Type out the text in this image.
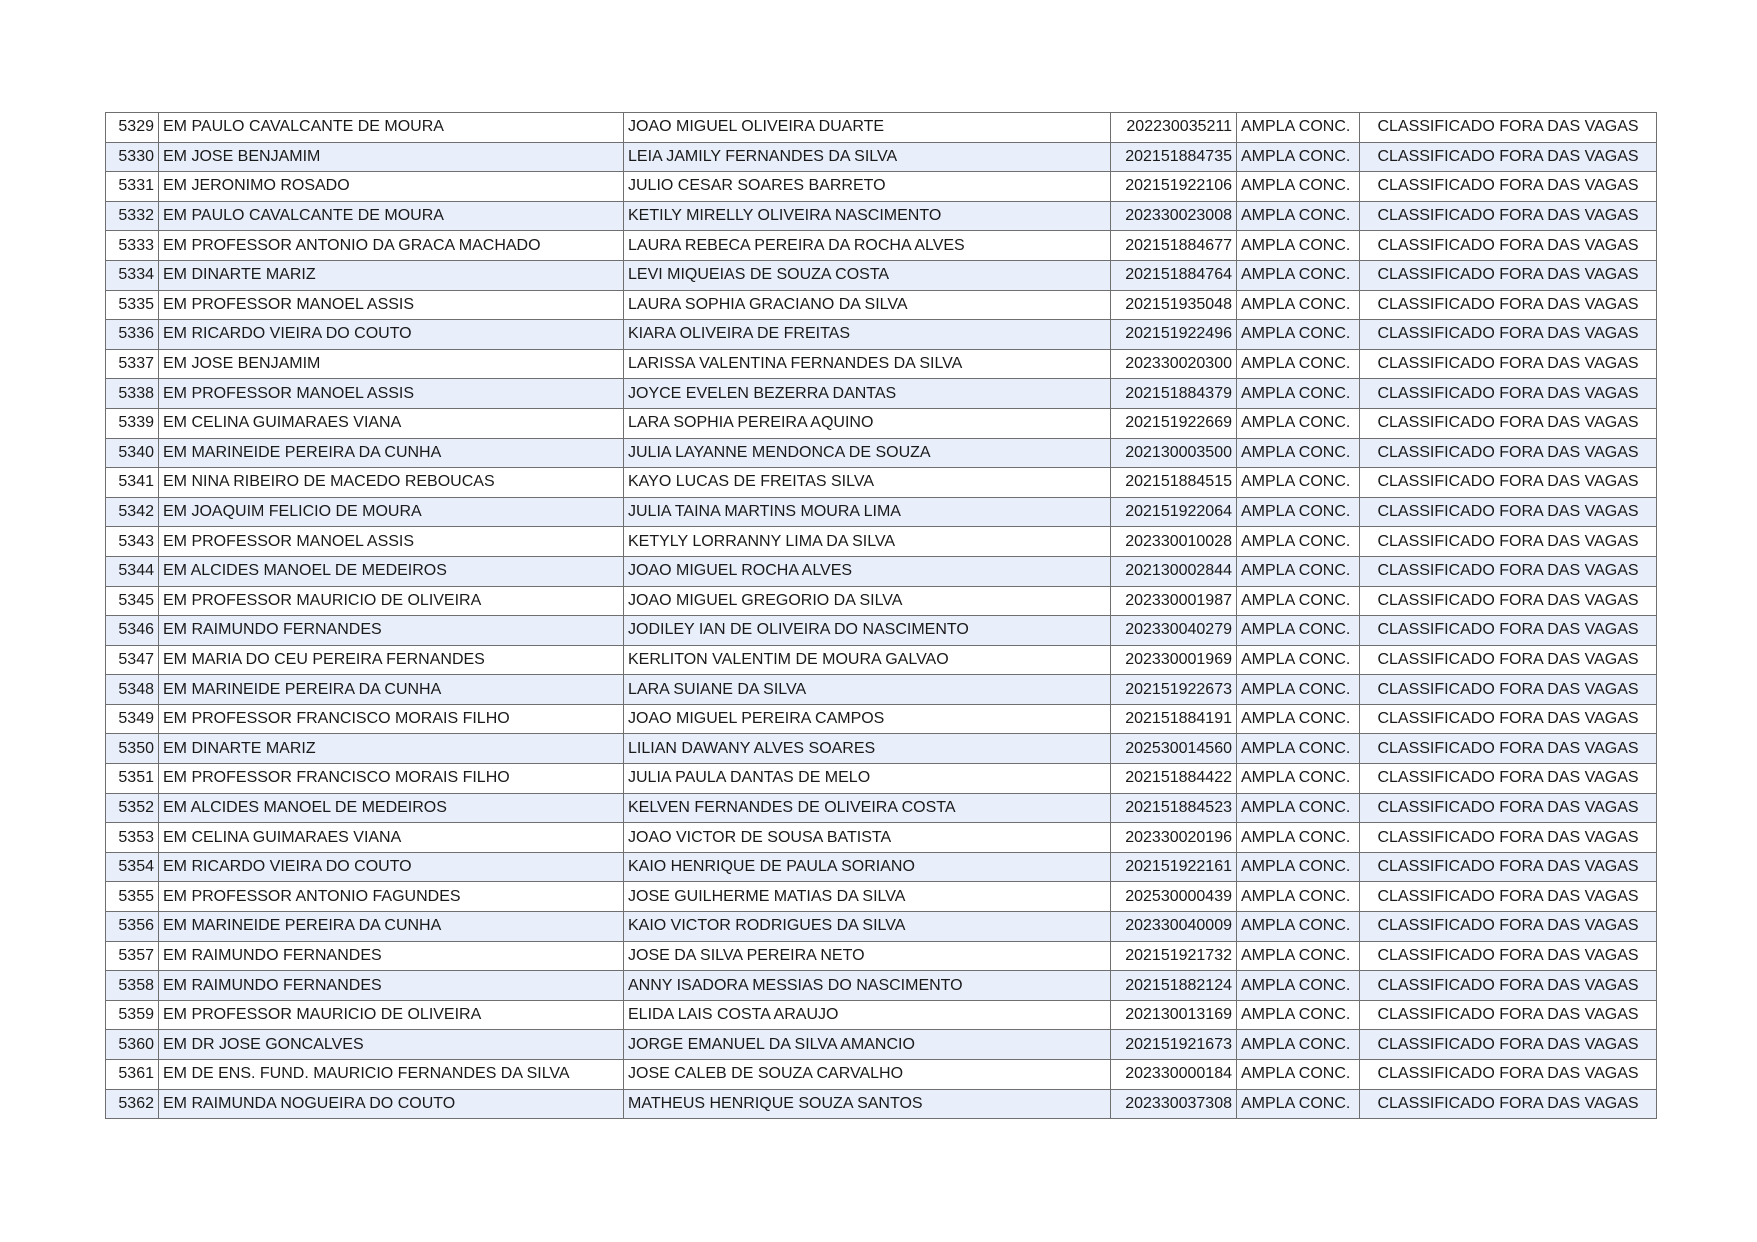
5329	EM PAULO CAVALCANTE DE MOURA	JOAO MIGUEL OLIVEIRA DUARTE	202230035211	AMPLA CONC.	CLASSIFICADO FORA DAS VAGAS
5330	EM JOSE BENJAMIM	LEIA JAMILY FERNANDES DA SILVA	202151884735	AMPLA CONC.	CLASSIFICADO FORA DAS VAGAS
5331	EM JERONIMO ROSADO	JULIO CESAR SOARES BARRETO	202151922106	AMPLA CONC.	CLASSIFICADO FORA DAS VAGAS
5332	EM PAULO CAVALCANTE DE MOURA	KETILY MIRELLY OLIVEIRA NASCIMENTO	202330023008	AMPLA CONC.	CLASSIFICADO FORA DAS VAGAS
5333	EM PROFESSOR ANTONIO DA GRACA MACHADO	LAURA REBECA PEREIRA DA ROCHA ALVES	202151884677	AMPLA CONC.	CLASSIFICADO FORA DAS VAGAS
5334	EM DINARTE MARIZ	LEVI MIQUEIAS DE SOUZA COSTA	202151884764	AMPLA CONC.	CLASSIFICADO FORA DAS VAGAS
5335	EM PROFESSOR MANOEL ASSIS	LAURA SOPHIA GRACIANO DA SILVA	202151935048	AMPLA CONC.	CLASSIFICADO FORA DAS VAGAS
5336	EM RICARDO VIEIRA DO COUTO	KIARA OLIVEIRA DE FREITAS	202151922496	AMPLA CONC.	CLASSIFICADO FORA DAS VAGAS
5337	EM JOSE BENJAMIM	LARISSA VALENTINA FERNANDES DA SILVA	202330020300	AMPLA CONC.	CLASSIFICADO FORA DAS VAGAS
5338	EM PROFESSOR MANOEL ASSIS	JOYCE EVELEN BEZERRA DANTAS	202151884379	AMPLA CONC.	CLASSIFICADO FORA DAS VAGAS
5339	EM CELINA GUIMARAES VIANA	LARA SOPHIA PEREIRA AQUINO	202151922669	AMPLA CONC.	CLASSIFICADO FORA DAS VAGAS
5340	EM MARINEIDE PEREIRA DA CUNHA	JULIA LAYANNE MENDONCA DE SOUZA	202130003500	AMPLA CONC.	CLASSIFICADO FORA DAS VAGAS
5341	EM NINA RIBEIRO DE MACEDO REBOUCAS	KAYO LUCAS DE FREITAS SILVA	202151884515	AMPLA CONC.	CLASSIFICADO FORA DAS VAGAS
5342	EM JOAQUIM FELICIO DE MOURA	JULIA TAINA MARTINS MOURA LIMA	202151922064	AMPLA CONC.	CLASSIFICADO FORA DAS VAGAS
5343	EM PROFESSOR MANOEL ASSIS	KETYLY LORRANNY LIMA DA SILVA	202330010028	AMPLA CONC.	CLASSIFICADO FORA DAS VAGAS
5344	EM ALCIDES MANOEL DE MEDEIROS	JOAO MIGUEL ROCHA ALVES	202130002844	AMPLA CONC.	CLASSIFICADO FORA DAS VAGAS
5345	EM PROFESSOR MAURICIO DE OLIVEIRA	JOAO MIGUEL GREGORIO DA SILVA	202330001987	AMPLA CONC.	CLASSIFICADO FORA DAS VAGAS
5346	EM RAIMUNDO FERNANDES	JODILEY IAN DE OLIVEIRA DO NASCIMENTO	202330040279	AMPLA CONC.	CLASSIFICADO FORA DAS VAGAS
5347	EM MARIA DO CEU PEREIRA FERNANDES	KERLITON VALENTIM DE MOURA GALVAO	202330001969	AMPLA CONC.	CLASSIFICADO FORA DAS VAGAS
5348	EM MARINEIDE PEREIRA DA CUNHA	LARA SUIANE DA SILVA	202151922673	AMPLA CONC.	CLASSIFICADO FORA DAS VAGAS
5349	EM PROFESSOR FRANCISCO MORAIS FILHO	JOAO MIGUEL PEREIRA CAMPOS	202151884191	AMPLA CONC.	CLASSIFICADO FORA DAS VAGAS
5350	EM DINARTE MARIZ	LILIAN DAWANY ALVES SOARES	202530014560	AMPLA CONC.	CLASSIFICADO FORA DAS VAGAS
5351	EM PROFESSOR FRANCISCO MORAIS FILHO	JULIA PAULA DANTAS DE MELO	202151884422	AMPLA CONC.	CLASSIFICADO FORA DAS VAGAS
5352	EM ALCIDES MANOEL DE MEDEIROS	KELVEN FERNANDES DE OLIVEIRA COSTA	202151884523	AMPLA CONC.	CLASSIFICADO FORA DAS VAGAS
5353	EM CELINA GUIMARAES VIANA	JOAO VICTOR DE SOUSA BATISTA	202330020196	AMPLA CONC.	CLASSIFICADO FORA DAS VAGAS
5354	EM RICARDO VIEIRA DO COUTO	KAIO HENRIQUE DE PAULA SORIANO	202151922161	AMPLA CONC.	CLASSIFICADO FORA DAS VAGAS
5355	EM PROFESSOR ANTONIO FAGUNDES	JOSE GUILHERME MATIAS DA SILVA	202530000439	AMPLA CONC.	CLASSIFICADO FORA DAS VAGAS
5356	EM MARINEIDE PEREIRA DA CUNHA	KAIO VICTOR RODRIGUES DA SILVA	202330040009	AMPLA CONC.	CLASSIFICADO FORA DAS VAGAS
5357	EM RAIMUNDO FERNANDES	JOSE DA SILVA PEREIRA NETO	202151921732	AMPLA CONC.	CLASSIFICADO FORA DAS VAGAS
5358	EM RAIMUNDO FERNANDES	ANNY ISADORA MESSIAS DO NASCIMENTO	202151882124	AMPLA CONC.	CLASSIFICADO FORA DAS VAGAS
5359	EM PROFESSOR MAURICIO DE OLIVEIRA	ELIDA LAIS COSTA ARAUJO	202130013169	AMPLA CONC.	CLASSIFICADO FORA DAS VAGAS
5360	EM DR JOSE GONCALVES	JORGE EMANUEL DA SILVA AMANCIO	202151921673	AMPLA CONC.	CLASSIFICADO FORA DAS VAGAS
5361	EM DE ENS. FUND. MAURICIO FERNANDES DA SILVA	JOSE CALEB DE SOUZA CARVALHO	202330000184	AMPLA CONC.	CLASSIFICADO FORA DAS VAGAS
5362	EM RAIMUNDA NOGUEIRA DO COUTO	MATHEUS HENRIQUE SOUZA SANTOS	202330037308	AMPLA CONC.	CLASSIFICADO FORA DAS VAGAS
